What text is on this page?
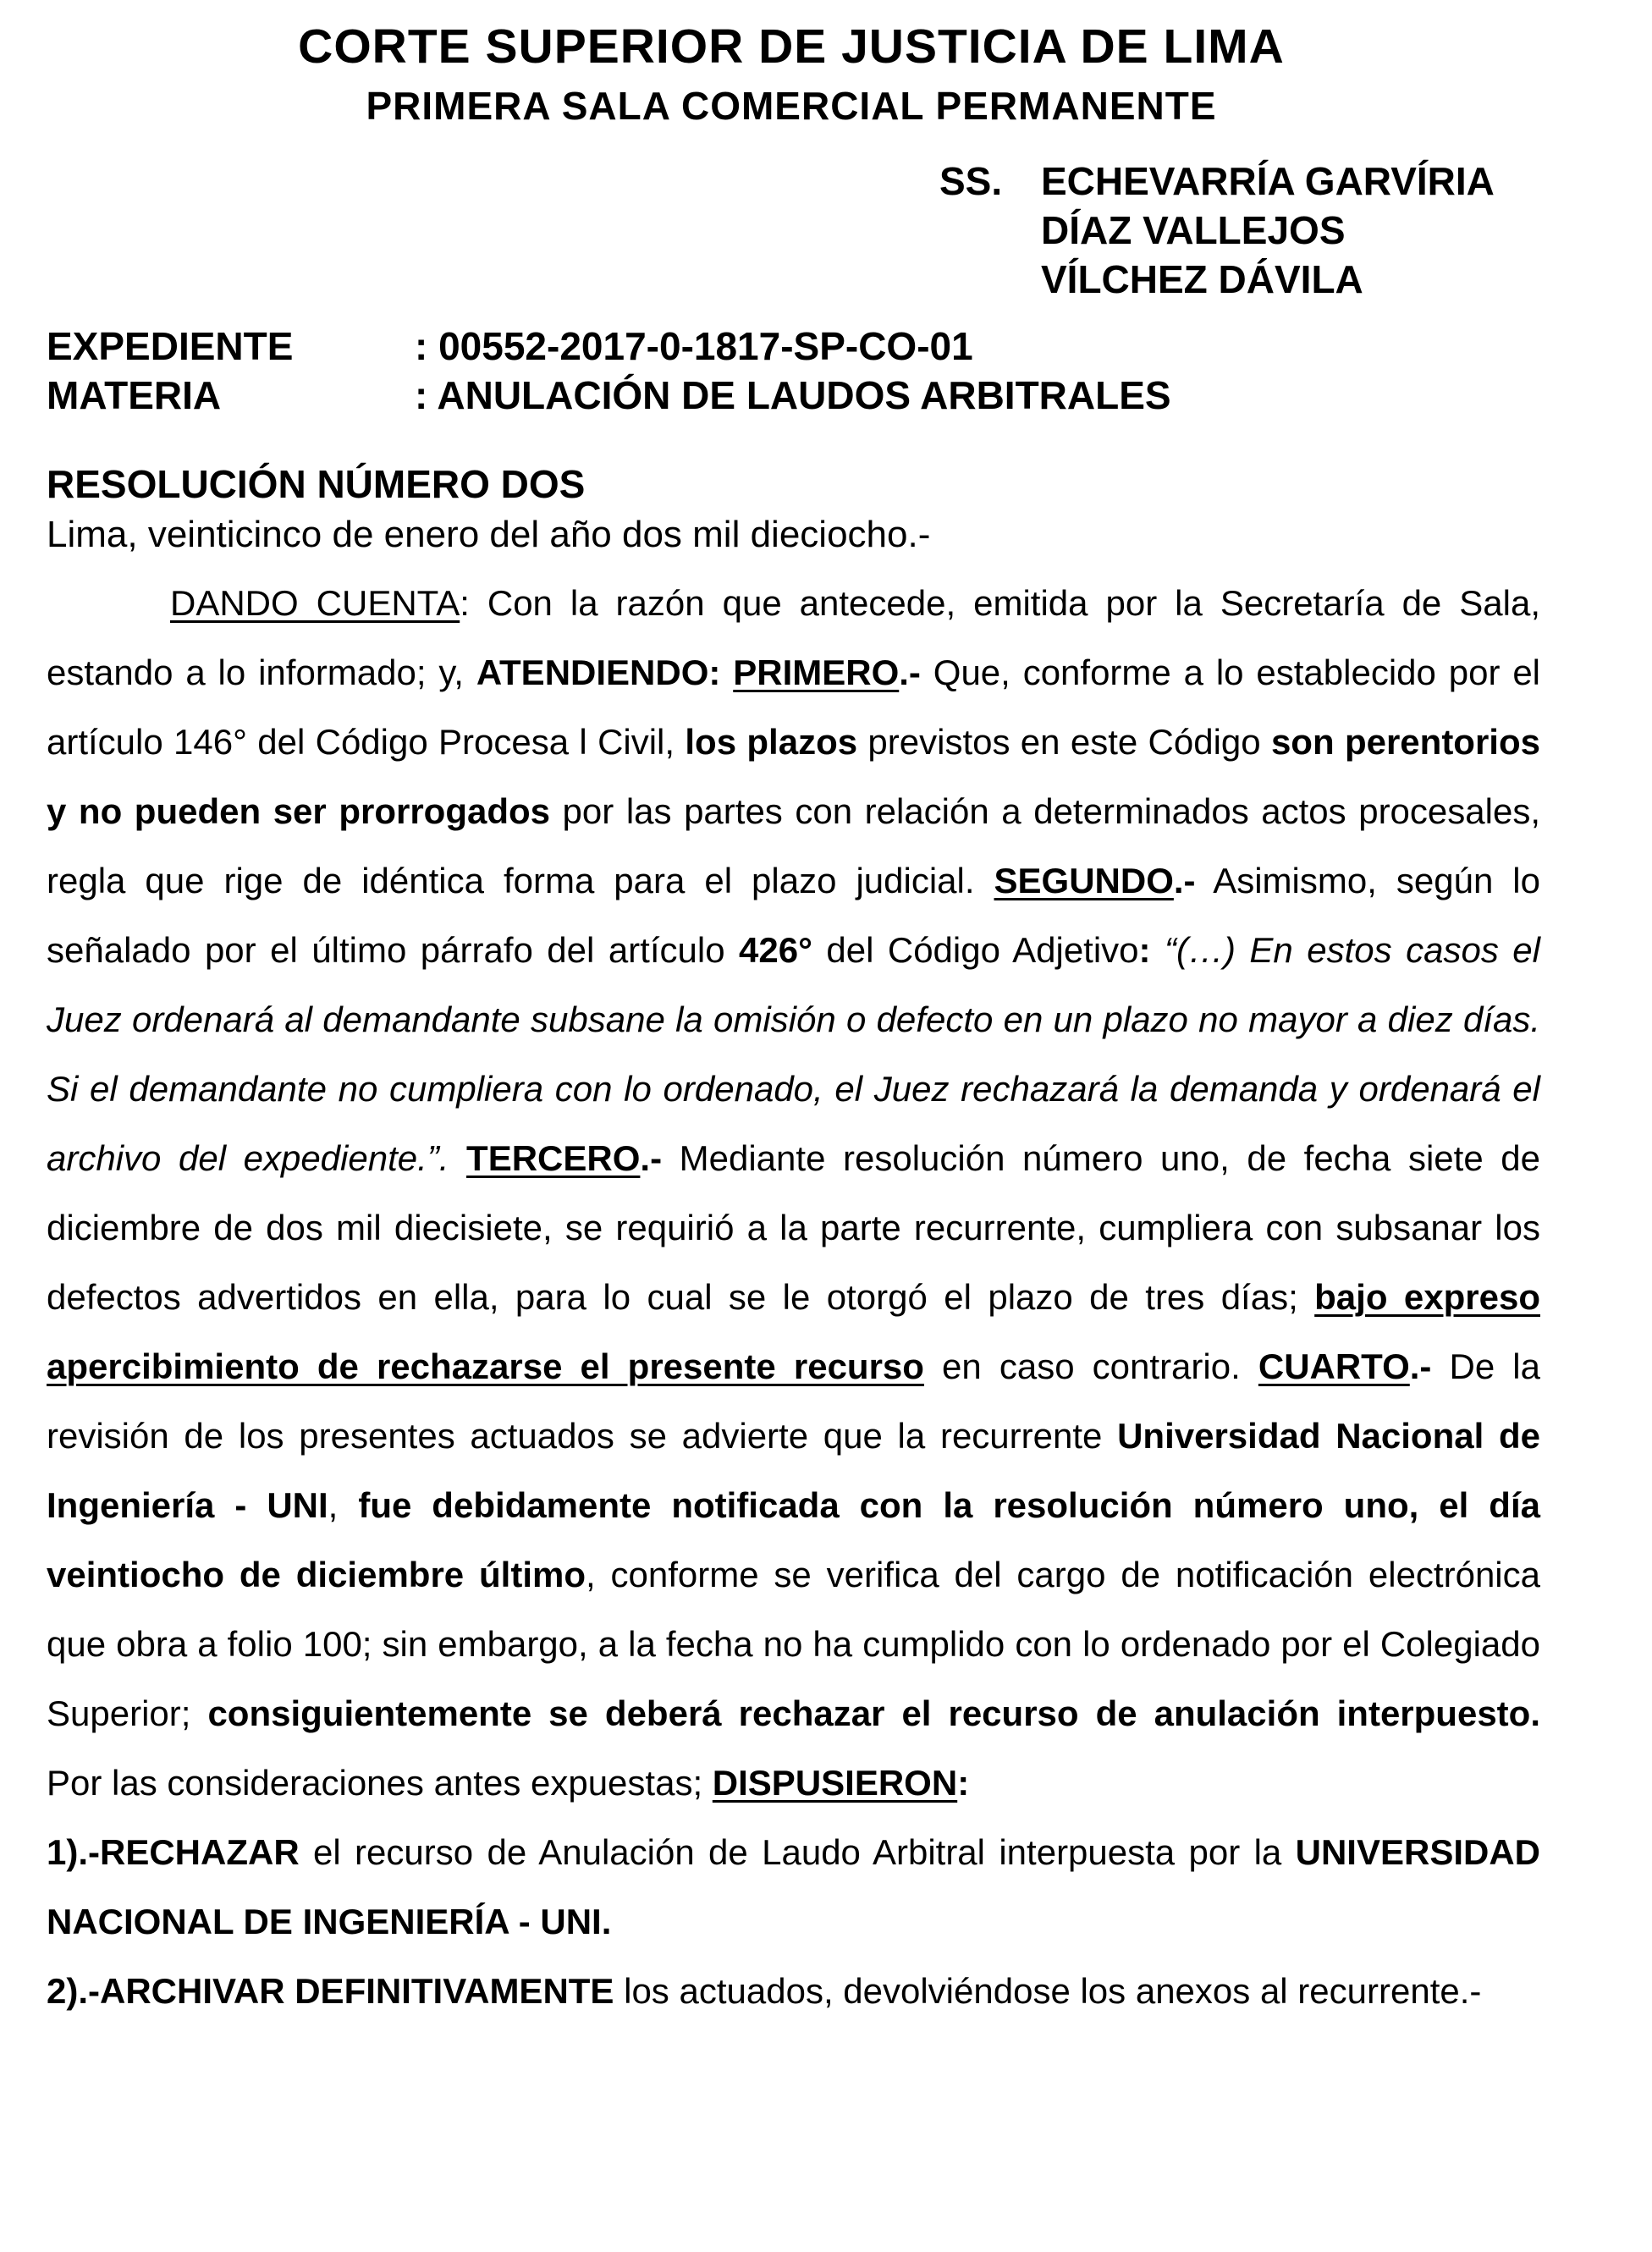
CORTE SUPERIOR DE JUSTICIA DE LIMA
PRIMERA SALA COMERCIAL PERMANENTE
SS. ECHEVARRÍA GARVÍRIA
DÍAZ VALLEJOS
VÍLCHEZ DÁVILA
EXPEDIENTE	: 00552-2017-0-1817-SP-CO-01
MATERIA	: ANULACIÓN DE LAUDOS ARBITRALES
RESOLUCIÓN NÚMERO DOS
Lima, veinticinco de enero del año dos mil dieciocho.-

DANDO CUENTA: Con la razón que antecede, emitida por la Secretaría de Sala, estando a lo informado; y, ATENDIENDO: PRIMERO.- Que, conforme a lo establecido por el artículo 146° del Código Procesa l Civil, los plazos previstos en este Código son perentorios y no pueden ser prorrogados por las partes con relación a determinados actos procesales, regla que rige de idéntica forma para el plazo judicial. SEGUNDO.- Asimismo, según lo señalado por el último párrafo del artículo 426° del Código Adjetivo: “(…) En estos casos el Juez ordenará al demandante subsane la omisión o defecto en un plazo no mayor a diez días. Si el demandante no cumpliera con lo ordenado, el Juez rechazará la demanda y ordenará el archivo del expediente.”. TERCERO.- Mediante resolución número uno, de fecha siete de diciembre de dos mil diecisiete, se requirió a la parte recurrente, cumpliera con subsanar los defectos advertidos en ella, para lo cual se le otorgó el plazo de tres días; bajo expreso apercibimiento de rechazarse el presente recurso en caso contrario. CUARTO.- De la revisión de los presentes actuados se advierte que la recurrente Universidad Nacional de Ingeniería - UNI, fue debidamente notificada con la resolución número uno, el día veintiocho de diciembre último, conforme se verifica del cargo de notificación electrónica que obra a folio 100; sin embargo, a la fecha no ha cumplido con lo ordenado por el Colegiado Superior; consiguientemente se deberá rechazar el recurso de anulación interpuesto. Por las consideraciones antes expuestas; DISPUSIERON:

1).-RECHAZAR el recurso de Anulación de Laudo Arbitral interpuesta por la UNIVERSIDAD NACIONAL DE INGENIERÍA - UNI.

2).-ARCHIVAR DEFINITIVAMENTE los actuados, devolviéndose los anexos al recurrente.-
